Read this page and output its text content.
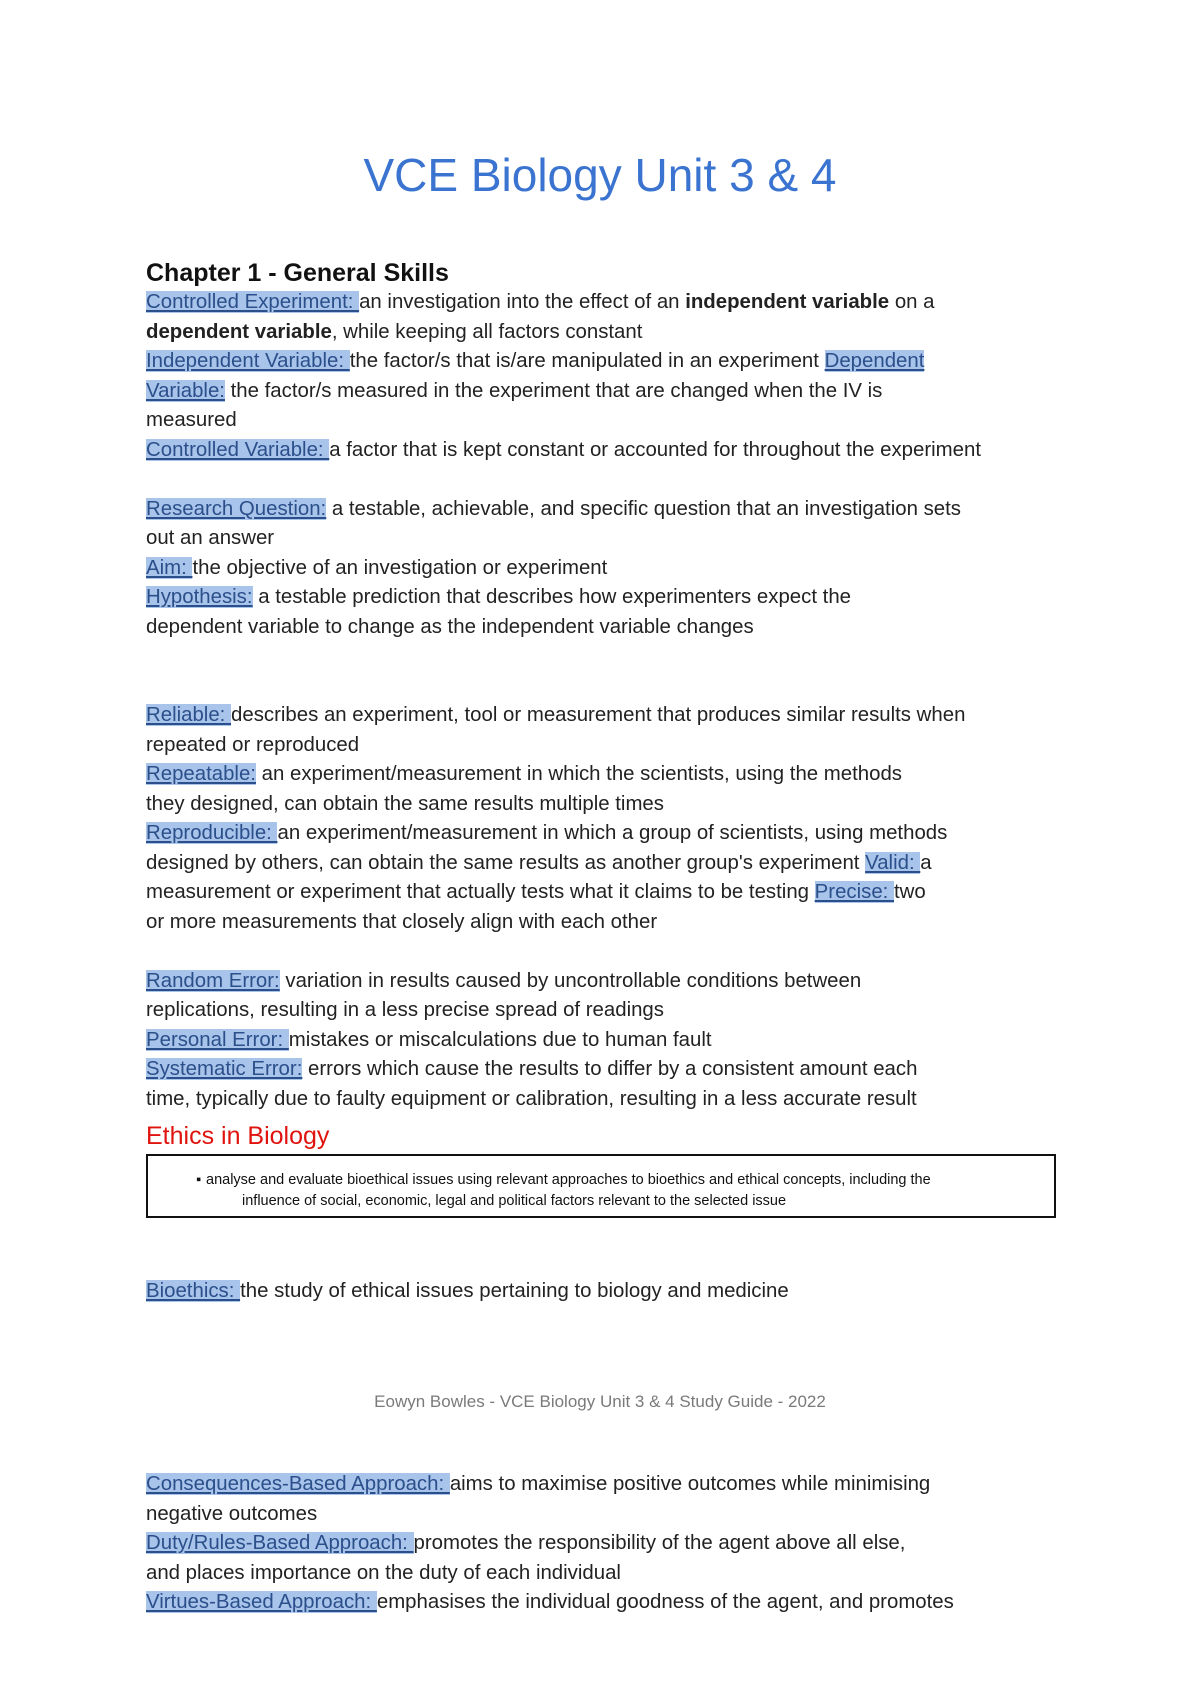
VCE Biology Unit 3 & 4
Chapter 1 - General Skills
Controlled Experiment: an investigation into the effect of an independent variable on a
dependent variable, while keeping all factors constant
Independent Variable: the factor/s that is/are manipulated in an experiment Dependent
Variable: the factor/s measured in the experiment that are changed when the IV is
measured
Controlled Variable: a factor that is kept constant or accounted for throughout the experiment
Research Question: a testable, achievable, and specific question that an investigation sets
out an answer
Aim: the objective of an investigation or experiment
Hypothesis: a testable prediction that describes how experimenters expect the
dependent variable to change as the independent variable changes
Reliable: describes an experiment, tool or measurement that produces similar results when
repeated or reproduced
Repeatable: an experiment/measurement in which the scientists, using the methods
they designed, can obtain the same results multiple times
Reproducible: an experiment/measurement in which a group of scientists, using methods
designed by others, can obtain the same results as another group's experiment Valid: a
measurement or experiment that actually tests what it claims to be testing Precise: two
or more measurements that closely align with each other
Random Error: variation in results caused by uncontrollable conditions between
replications, resulting in a less precise spread of readings
Personal Error: mistakes or miscalculations due to human fault
Systematic Error: errors which cause the results to differ by a consistent amount each
time, typically due to faulty equipment or calibration, resulting in a less accurate result
Ethics in Biology
▪ analyse and evaluate bioethical issues using relevant approaches to bioethics and ethical concepts, including the
influence of social, economic, legal and political factors relevant to the selected issue
Bioethics: the study of ethical issues pertaining to biology and medicine
Eowyn Bowles - VCE Biology Unit 3 & 4 Study Guide - 2022
Consequences-Based Approach: aims to maximise positive outcomes while minimising
negative outcomes
Duty/Rules-Based Approach: promotes the responsibility of the agent above all else,
and places importance on the duty of each individual
Virtues-Based Approach: emphasises the individual goodness of the agent, and promotes
